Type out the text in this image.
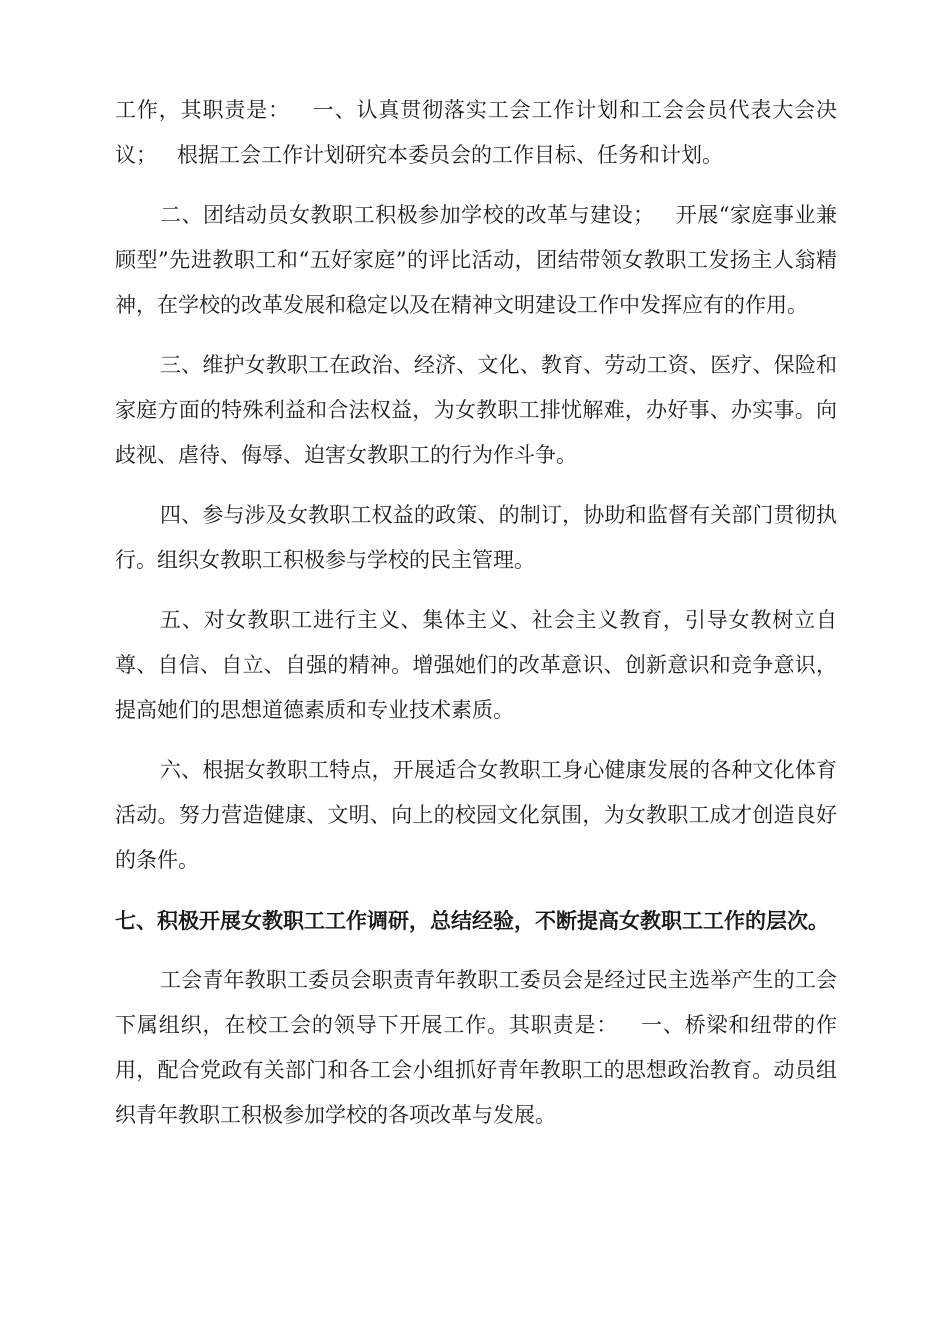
工作，其职责是：   一、认真贯彻落实工会工作计划和工会会员代表大会决议；   根据工会工作计划研究本委员会的工作目标、任务和计划。

二、团结动员女教职工积极参加学校的改革与建设；   开展“家庭事业兼顾型”先进教职工和“五好家庭”的评比活动，团结带领女教职工发扬主人翁精神，在学校的改革发展和稳定以及在精神文明建设工作中发挥应有的作用。

三、维护女教职工在政治、经济、文化、教育、劳动工资、医疗、保险和家庭方面的特殊利益和合法权益，为女教职工排忧解难，办好事、办实事。向歧视、虐待、侮辱、迫害女教职工的行为作斗争。

四、参与涉及女教职工权益的政策、的制订，协助和监督有关部门贯彻执行。组织女教职工积极参与学校的民主管理。

五、对女教职工进行主义、集体主义、社会主义教育，引导女教树立自尊、自信、自立、自强的精神。增强她们的改革意识、创新意识和竞争意识，提高她们的思想道德素质和专业技术素质。

六、根据女教职工特点，开展适合女教职工身心健康发展的各种文化体育活动。努力营造健康、文明、向上的校园文化氛围，为女教职工成才创造良好的条件。

七、积极开展女教职工工作调研，总结经验，不断提高女教职工工作的层次。

工会青年教职工委员会职责青年教职工委员会是经过民主选举产生的工会下属组织，在校工会的领导下开展工作。其职责是：   一、桥梁和纽带的作用，配合党政有关部门和各工会小组抓好青年教职工的思想政治教育。动员组织青年教职工积极参加学校的各项改革与发展。
